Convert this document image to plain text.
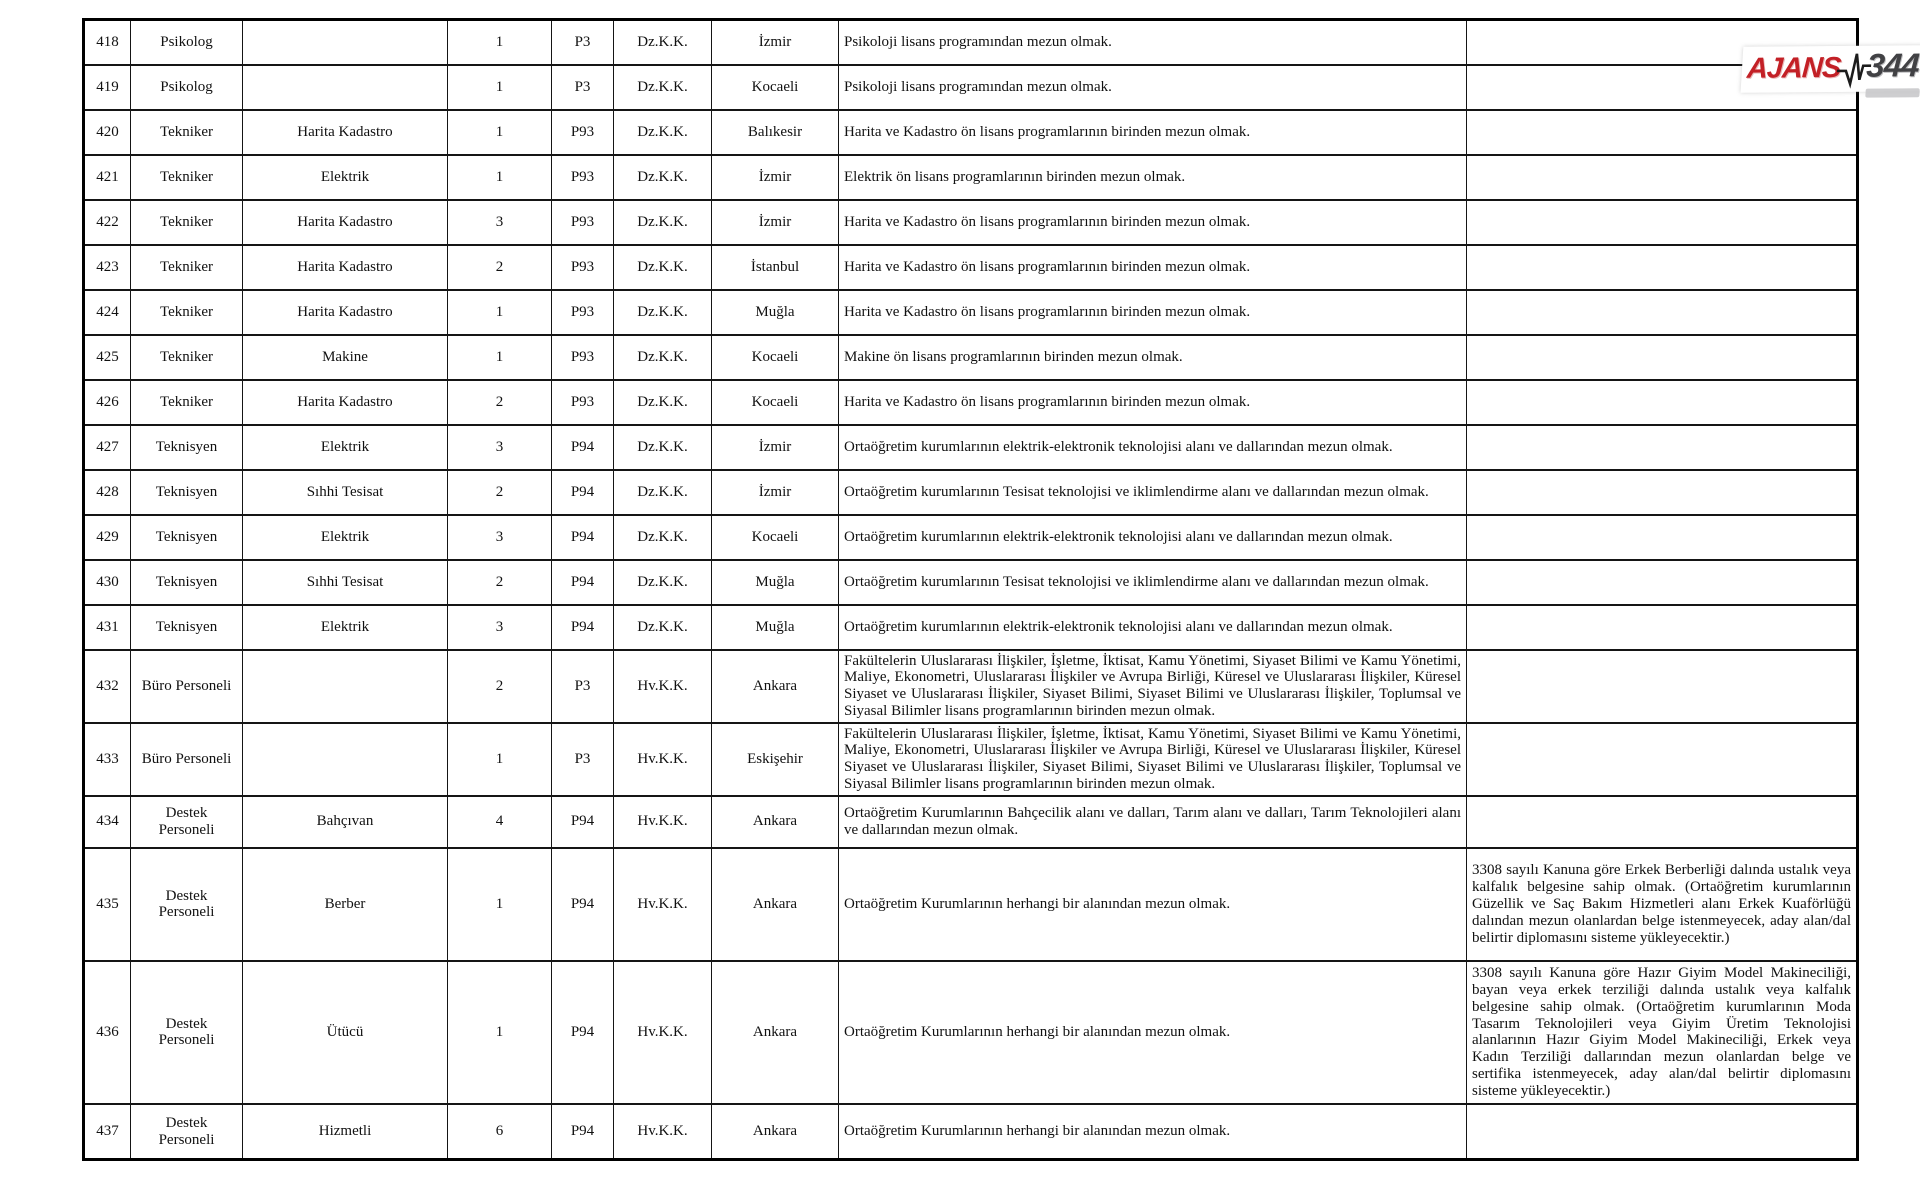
418	Psikolog		1	P3	Dz.K.K.	İzmir	Psikoloji lisans programından mezun olmak.	
419	Psikolog		1	P3	Dz.K.K.	Kocaeli	Psikoloji lisans programından mezun olmak.	
420	Tekniker	Harita Kadastro	1	P93	Dz.K.K.	Balıkesir	Harita ve Kadastro ön lisans programlarının birinden mezun olmak.	
421	Tekniker	Elektrik	1	P93	Dz.K.K.	İzmir	Elektrik ön lisans programlarının birinden mezun olmak.	
422	Tekniker	Harita Kadastro	3	P93	Dz.K.K.	İzmir	Harita ve Kadastro ön lisans programlarının birinden mezun olmak.	
423	Tekniker	Harita Kadastro	2	P93	Dz.K.K.	İstanbul	Harita ve Kadastro ön lisans programlarının birinden mezun olmak.	
424	Tekniker	Harita Kadastro	1	P93	Dz.K.K.	Muğla	Harita ve Kadastro ön lisans programlarının birinden mezun olmak.	
425	Tekniker	Makine	1	P93	Dz.K.K.	Kocaeli	Makine ön lisans programlarının birinden mezun olmak.	
426	Tekniker	Harita Kadastro	2	P93	Dz.K.K.	Kocaeli	Harita ve Kadastro ön lisans programlarının birinden mezun olmak.	
427	Teknisyen	Elektrik	3	P94	Dz.K.K.	İzmir	Ortaöğretim kurumlarının elektrik-elektronik teknolojisi alanı ve dallarından mezun olmak.	
428	Teknisyen	Sıhhi Tesisat	2	P94	Dz.K.K.	İzmir	Ortaöğretim kurumlarının Tesisat teknolojisi ve iklimlendirme alanı ve dallarından mezun olmak.	
429	Teknisyen	Elektrik	3	P94	Dz.K.K.	Kocaeli	Ortaöğretim kurumlarının elektrik-elektronik teknolojisi alanı ve dallarından mezun olmak.	
430	Teknisyen	Sıhhi Tesisat	2	P94	Dz.K.K.	Muğla	Ortaöğretim kurumlarının Tesisat teknolojisi ve iklimlendirme alanı ve dallarından mezun olmak.	
431	Teknisyen	Elektrik	3	P94	Dz.K.K.	Muğla	Ortaöğretim kurumlarının elektrik-elektronik teknolojisi alanı ve dallarından mezun olmak.	
432	Büro Personeli		2	P3	Hv.K.K.	Ankara	Fakültelerin Uluslararası İlişkiler, İşletme, İktisat, Kamu Yönetimi, Siyaset Bilimi ve Kamu Yönetimi, Maliye, Ekonometri, Uluslararası İlişkiler ve Avrupa Birliği, Küresel ve Uluslararası İlişkiler, Küresel Siyaset ve Uluslararası İlişkiler, Siyaset Bilimi, Siyaset Bilimi ve Uluslararası İlişkiler, Toplumsal ve Siyasal Bilimler lisans programlarının birinden mezun olmak.	
433	Büro Personeli		1	P3	Hv.K.K.	Eskişehir	Fakültelerin Uluslararası İlişkiler, İşletme, İktisat, Kamu Yönetimi, Siyaset Bilimi ve Kamu Yönetimi, Maliye, Ekonometri, Uluslararası İlişkiler ve Avrupa Birliği, Küresel ve Uluslararası İlişkiler, Küresel Siyaset ve Uluslararası İlişkiler, Siyaset Bilimi, Siyaset Bilimi ve Uluslararası İlişkiler, Toplumsal ve Siyasal Bilimler lisans programlarının birinden mezun olmak.	
434	Destek Personeli	Bahçıvan	4	P94	Hv.K.K.	Ankara	Ortaöğretim Kurumlarının Bahçecilik alanı ve dalları, Tarım alanı ve dalları, Tarım Teknolojileri alanı ve dallarından mezun olmak.	
435	Destek Personeli	Berber	1	P94	Hv.K.K.	Ankara	Ortaöğretim Kurumlarının herhangi bir alanından mezun olmak.	3308 sayılı Kanuna göre Erkek Berberliği dalında ustalık veya kalfalık belgesine sahip olmak. (Ortaöğretim kurumlarının Güzellik ve Saç Bakım Hizmetleri alanı Erkek Kuaförlüğü dalından mezun olanlardan belge istenmeyecek, aday alan/dal belirtir diplomasını sisteme yükleyecektir.)
436	Destek Personeli	Ütücü	1	P94	Hv.K.K.	Ankara	Ortaöğretim Kurumlarının herhangi bir alanından mezun olmak.	3308 sayılı Kanuna göre Hazır Giyim Model Makineciliği, bayan veya erkek terziliği dalında ustalık veya kalfalık belgesine sahip olmak. (Ortaöğretim kurumlarının Moda Tasarım Teknolojileri veya Giyim Üretim Teknolojisi alanlarının Hazır Giyim Model Makineciliği, Erkek veya Kadın Terziliği dallarından mezun olanlardan belge ve sertifika istenmeyecek, aday alan/dal belirtir diplomasını sisteme yükleyecektir.)
437	Destek Personeli	Hizmetli	6	P94	Hv.K.K.	Ankara	Ortaöğretim Kurumlarının herhangi bir alanından mezun olmak.	
AJANS 344
